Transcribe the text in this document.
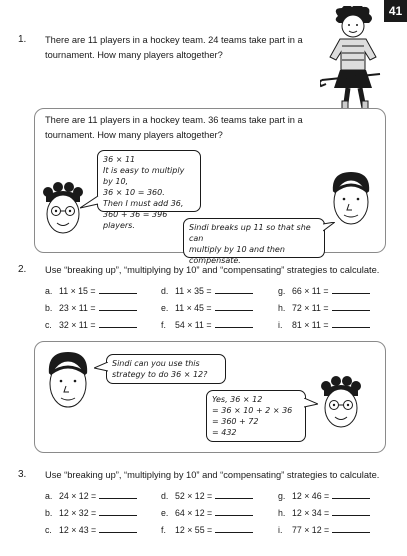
41
1. There are 11 players in a hockey team. 24 teams take part in a
tournament. How many players altogether?
There are 11 players in a hockey team. 36 teams take part in a
tournament. How many players altogether?
36 × 11
It is easy to multiply by 10,
36 × 10 = 360.
Then I must add 36,
360 + 36 = 396 players.	Sindi breaks up 11 so that she can
multiply by 10 and then
compensate.
2. Use “breaking up”, “multiplying by 10” and “compensating” strategies to calculate.
a. 11 × 15 =	d. 11 × 35 =	g. 66 × 11 =
b. 23 × 11 =	e. 11 × 45 =	h. 72 × 11 =
c. 32 × 11 =	f. 54 × 11 =	i. 81 × 11 =
Sindi can you use this
strategy to do 36 × 12?
Yes, 36 × 12
= 36 × 10 + 2 × 36
= 360 + 72
= 432
3. Use “breaking up”, “multiplying by 10” and “compensating” strategies to calculate.
a. 24 × 12 =	d. 52 × 12 =	g. 12 × 46 =
b. 12 × 32 =	e. 64 × 12 =	h. 12 × 34 =
c. 12 × 43 =	f. 12 × 55 =	i. 77 × 12 =
